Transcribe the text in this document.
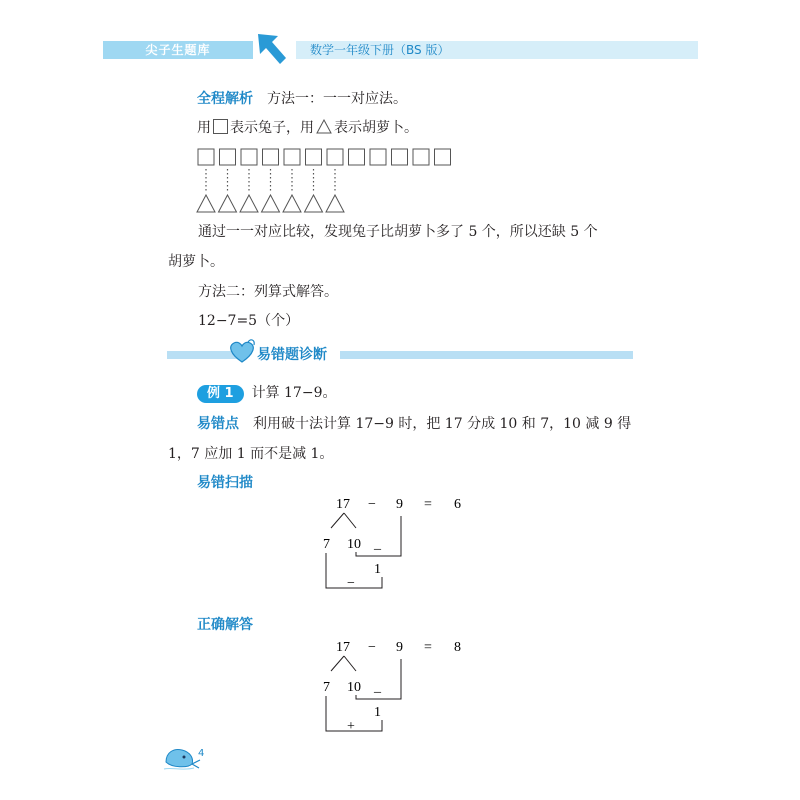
尖子生题库	数学一年级下册（BS 版）
全程解析 方法一：一一对应法。
用 表示兔子，用 表示胡萝卜。
通过一一对应比较，发现兔子比胡萝卜多了 5 个，所以还缺 5 个
胡萝卜。
方法二：列算式解答。
12−7=5（个）
易错题诊断
例 1 计算 17−9。
易错点 利用破十法计算 17−9 时，把 17 分成 10 和 7，10 减 9 得
1，7 应加 1 而不是减 1。
易错扫描
17 − 9 = 6
7 10 _
1
−
正确解答
17 − 9 = 8
7 10 _
1
+
4
